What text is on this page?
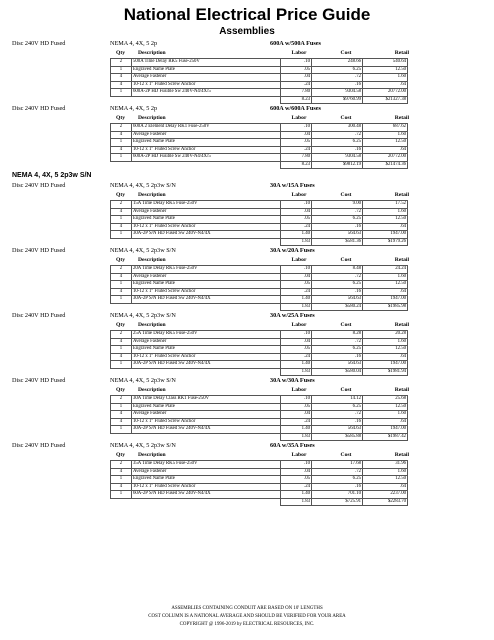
National Electrical Price Guide
Assemblies
Disc 240V HD Fused	NEMA 4, 4X, 5 2p	600A w/500A Fuses
Qty Description	Labor	Cost	Retail
2	500A Time Delay RK5 Fuse-250V	.10	248.66	540.64
1	Engraved Name Plate	.05	6.25	12.50
4	Average Fastener	.04	.72	1.60
4	10-12 x 1" Fluted Screw Anchor	.24	.16	.64
1	600A-2P HD Fusible Sw 240V-N4/4X/5	7.80	9304.58	20772.00
		8.23	$9760.99	$21327.38
Disc 240V HD Fused	NEMA 4, 4X, 5 2p	600A w/600A Fuses
Qty Description	Labor	Cost	Retail
2	600A 2 Element Delay RK1 Fuse-250V	.10	300.48	687.62
4	Average Fastener	.04	.72	1.60
1	Engraved Name Plate	.05	6.25	12.50
4	10-12 x 1" Fluted Screw Anchor	.24	.16	.64
1	600A-2P HD Fusible Sw 240V-N4/4X/5	7.80	9304.58	20772.00
		8.23	$9812.19	$21474.36
NEMA 4, 4X, 5 2p3w S/N
Disc 240V HD Fused	NEMA 4, 4X, 5 2p3w S/N	30A w/15A Fuses
Qty Description	Labor	Cost	Retail
2	15A Time Delay RK5 Fuse-250V	.10	9.00	17.52
4	Average Fastener	.04	.72	1.60
1	Engraved Name Plate	.05	6.25	12.50
4	10-12 x 1" Fluted Screw Anchor	.24	.16	.64
1	30A-2P S/N HD Fused Sw 240V-N4/4X	1.40	564.63	1947.00
		1.83	$581.36	$1979.26
Disc 240V HD Fused	NEMA 4, 4X, 5 2p3w S/N	30A w/20A Fuses
Qty Description	Labor	Cost	Retail
2	20A Time Delay RK5 Fuse-250V	.10	8.48	24.24
4	Average Fastener	.04	.72	1.60
1	Engraved Name Plate	.05	6.25	12.50
4	10-12 x 1" Fluted Screw Anchor	.24	.16	.64
1	30A-2P S/N HD Fused Sw 240V-N4/4X	1.40	564.63	1947.00
		1.83	$580.24	$1985.98
Disc 240V HD Fused	NEMA 4, 4X, 5 2p3w S/N	30A w/25A Fuses
Qty Description	Labor	Cost	Retail
2	25A Time Delay RK5 Fuse-250V	.10	8.28	20.28
4	Average Fastener	.04	.72	1.60
1	Engraved Name Plate	.05	6.25	12.50
4	10-12 x 1" Fluted Screw Anchor	.24	.16	.64
1	30A-2P S/N HD Fused Sw 240V-N4/4X	1.40	564.63	1947.00
		1.83	$580.04	$1981.94
Disc 240V HD Fused	NEMA 4, 4X, 5 2p3w S/N	30A w/30A Fuses
Qty Description	Labor	Cost	Retail
2	30A Time Delay Class RK1 Fuse-250V	.10	14.12	25.68
1	Engraved Name Plate	.05	6.25	12.50
4	Average Fastener	.04	.72	1.60
4	10-12 x 1" Fluted Screw Anchor	.24	.16	.64
1	30A-2P S/N HD Fused Sw 240V-N4/4X	1.40	564.63	1947.00
		1.83	$585.88	$1987.42
Disc 240V HD Fused	NEMA 4, 4X, 5 2p3w S/N	60A w/35A Fuses
Qty Description	Labor	Cost	Retail
2	35A Time Delay RK5 Fuse-250V	.10	17.68	31.96
4	Average Fastener	.04	.72	1.60
1	Engraved Name Plate	.05	6.25	12.50
4	10-12 x 1" Fluted Screw Anchor	.24	.16	.64
1	60A-2P S/N HD Fused Sw 240V-N4/4X	1.40	701.10	2237.00
		1.83	$725.91	$2283.70
ASSEMBLIES CONTAINING CONDUIT ARE BASED ON 10' LENGTHS
COST COLUMN IS A NATIONAL AVERAGE AND SHOULD BE VERIFIED FOR YOUR AREA
COPYRIGHT @ 1996-2019 by ELECTRICAL RESOURCES, INC.
